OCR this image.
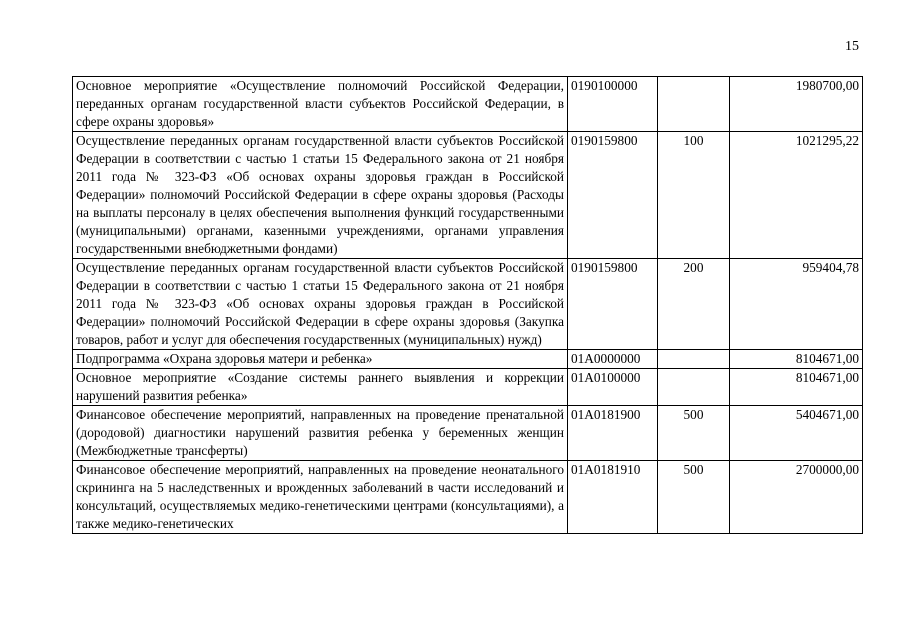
15
Основное мероприятие «Осуществление полномочий Российской Федерации, переданных органам государственной власти субъектов Российской Федерации, в сфере охраны здоровья»	0190100000		1980700,00
Осуществление переданных органам государственной власти субъектов Российской Федерации в соответствии с частью 1 статьи 15 Федерального закона от 21 ноября 2011 года № 323-ФЗ «Об основах охраны здоровья граждан в Российской Федерации» полномочий Российской Федерации в сфере охраны здоровья (Расходы на выплаты персоналу в целях обеспечения выполнения функций государственными (муниципальными) органами, казенными учреждениями, органами управления государственными внебюджетными фондами)	0190159800	100	1021295,22
Осуществление переданных органам государственной власти субъектов Российской Федерации в соответствии с частью 1 статьи 15 Федерального закона от 21 ноября 2011 года № 323-ФЗ «Об основах охраны здоровья граждан в Российской Федерации» полномочий Российской Федерации в сфере охраны здоровья (Закупка товаров, работ и услуг для обеспечения государственных (муниципальных) нужд)	0190159800	200	959404,78
Подпрограмма «Охрана здоровья матери и ребенка»	01А0000000		8104671,00
Основное мероприятие «Создание системы раннего выявления и коррекции нарушений развития ребенка»	01А0100000		8104671,00
Финансовое обеспечение мероприятий, направленных на проведение пренатальной (дородовой) диагностики нарушений развития ребенка у беременных женщин (Межбюджетные трансферты)	01А0181900	500	5404671,00
Финансовое обеспечение мероприятий, направленных на проведение неонатального скрининга на 5 наследственных и врожденных заболеваний в части исследований и консультаций, осуществляемых медико-генетическими центрами (консультациями), а также медико-генетических	01А0181910	500	2700000,00
